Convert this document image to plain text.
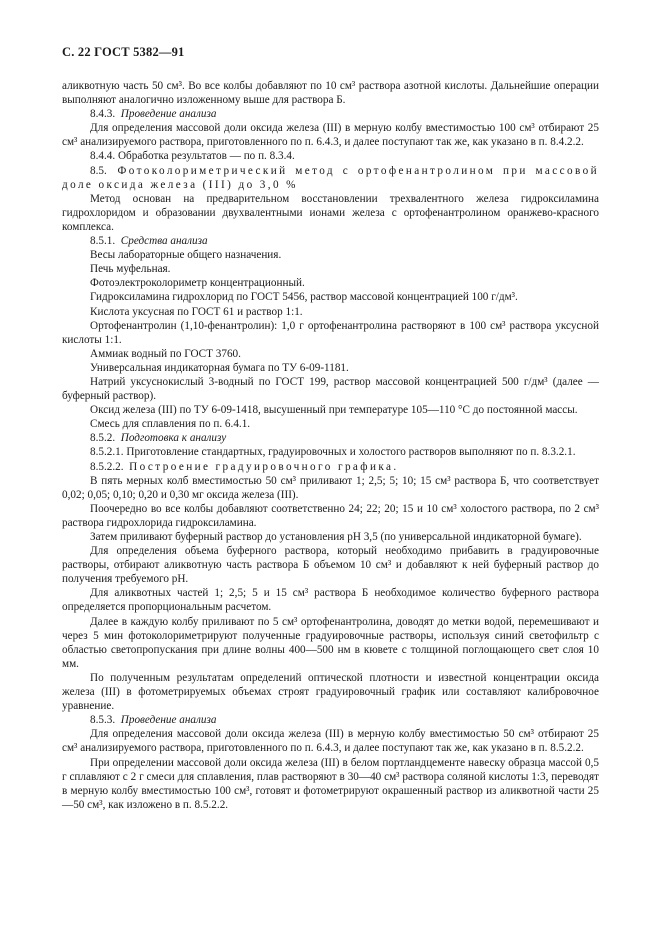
С. 22 ГОСТ 5382—91

аликвотную часть 50 см³. Во все колбы добавляют по 10 см³ раствора азотной кислоты. Дальнейшие операции выполняют аналогично изложенному выше для раствора Б.

8.4.3. Проведение анализа

Для определения массовой доли оксида железа (III) в мерную колбу вместимостью 100 см³ отбирают 25 см³ анализируемого раствора, приготовленного по п. 6.4.3, и далее поступают так же, как указано в п. 8.4.2.2.

8.4.4. Обработка результатов — по п. 8.3.4.

8.5. Фотоколориметрический метод с ортофенантролином при массовой доле оксида железа (III) до 3,0 %

Метод основан на предварительном восстановлении трехвалентного железа гидроксиламина гидрохлоридом и образовании двухвалентными ионами железа с ортофенантролином оранжево-красного комплекса.

8.5.1. Средства анализа

Весы лабораторные общего назначения.

Печь муфельная.

Фотоэлектроколориметр концентрационный.

Гидроксиламина гидрохлорид по ГОСТ 5456, раствор массовой концентрацией 100 г/дм³.

Кислота уксусная по ГОСТ 61 и раствор 1:1.

Ортофенантролин (1,10-фенантролин): 1,0 г ортофенантролина растворяют в 100 см³ раствора уксусной кислоты 1:1.

Аммиак водный по ГОСТ 3760.

Универсальная индикаторная бумага по ТУ 6-09-1181.

Натрий уксуснокислый 3-водный по ГОСТ 199, раствор массовой концентрацией 500 г/дм³ (далее — буферный раствор).

Оксид железа (III) по ТУ 6-09-1418, высушенный при температуре 105—110 °С до постоянной массы.

Смесь для сплавления по п. 6.4.1.

8.5.2. Подготовка к анализу

8.5.2.1. Приготовление стандартных, градуировочных и холостого растворов выполняют по п. 8.3.2.1.

8.5.2.2. Построение градуировочного графика.

В пять мерных колб вместимостью 50 см³ приливают 1; 2,5; 5; 10; 15 см³ раствора Б, что соответствует 0,02; 0,05; 0,10; 0,20 и 0,30 мг оксида железа (III).

Поочередно во все колбы добавляют соответственно 24; 22; 20; 15 и 10 см³ холостого раствора, по 2 см³ раствора гидрохлорида гидроксиламина.

Затем приливают буферный раствор до установления рН 3,5 (по универсальной индикаторной бумаге).

Для определения объема буферного раствора, который необходимо прибавить в градуировочные растворы, отбирают аликвотную часть раствора Б объемом 10 см³ и добавляют к ней буферный раствор до получения требуемого рН.

Для аликвотных частей 1; 2,5; 5 и 15 см³ раствора Б необходимое количество буферного раствора определяется пропорциональным расчетом.

Далее в каждую колбу приливают по 5 см³ ортофенантролина, доводят до метки водой, перемешивают и через 5 мин фотоколориметрируют полученные градуировочные растворы, используя синий светофильтр с областью светопропускания при длине волны 400—500 нм в кювете с толщиной поглощающего свет слоя 10 мм.

По полученным результатам определений оптической плотности и известной концентрации оксида железа (III) в фотометрируемых объемах строят градуировочный график или составляют калибровочное уравнение.

8.5.3. Проведение анализа

Для определения массовой доли оксида железа (III) в мерную колбу вместимостью 50 см³ отбирают 25 см³ анализируемого раствора, приготовленного по п. 6.4.3, и далее поступают так же, как указано в п. 8.5.2.2.

При определении массовой доли оксида железа (III) в белом портландцементе навеску образца массой 0,5 г сплавляют с 2 г смеси для сплавления, плав растворяют в 30—40 см³ раствора соляной кислоты 1:3, переводят в мерную колбу вместимостью 100 см³, готовят и фотометрируют окрашенный раствор из аликвотной части 25—50 см³, как изложено в п. 8.5.2.2.
